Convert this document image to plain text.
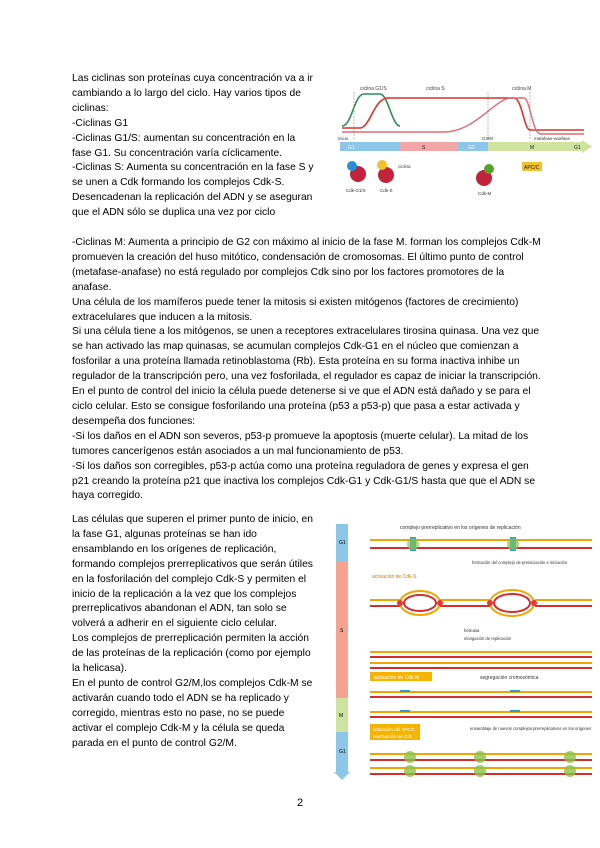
Las ciclinas son proteínas cuya concentración va a ir cambiando a lo largo del ciclo. Hay varios tipos de ciclinas:

-Ciclinas G1

-Ciclinas G1/S: aumentan su concentración en la fase G1. Su concentración varía cíclicamente.

-Ciclinas S: Aumenta su concentración en la fase S y se unen a Cdk formando los complejos Cdk-S. Desencadenan la replicación del ADN y se aseguran que el ADN sólo se duplica una vez por ciclo

-Ciclinas M: Aumenta a principio de G2 con máximo al inicio de la fase M. forman los complejos Cdk-M promueven la creación del huso mitótico, condensación de cromosomas. El último punto de control (metafase-anafase) no está regulado por complejos Cdk sino por los factores promotores de la anafase.

Una célula de los mamíferos puede tener la mitosis si existen mitógenos (factores de crecimiento) extracelulares que inducen a la mitosis.

Si una célula tiene a los mitógenos, se unen a receptores extracelulares tirosina quinasa. Una vez que se han activado las map quinasas, se acumulan complejos Cdk-G1 en el núcleo que comienzan a fosforilar a una proteína llamada retinoblastoma (Rb). Esta proteína en su forma inactiva inhibe un regulador de la transcripción pero, una vez fosforilada, el regulador es capaz de iniciar la transcripción.

En el punto de control del inicio la célula puede detenerse si ve que el ADN está dañado y se para el ciclo celular. Esto se consigue fosforilando una proteína (p53 a p53-p) que pasa a estar activada y desempeña dos funciones:

-Si los daños en el ADN son severos, p53-p promueve la apoptosis (muerte celular). La mitad de los tumores cancerígenos están asociados a un mal funcionamiento de p53.

-Si los daños son corregibles, p53-p actúa como una proteína reguladora de genes y expresa el gen p21 creando la proteína p21 que inactiva los complejos Cdk-G1 y Cdk-G1/S hasta que que el ADN se haya corregido.

Las células que superen el primer punto de inicio, en la fase G1, algunas proteínas se han ido ensamblando en los orígenes de replicación, formando complejos prerreplicativos que serán útiles en la fosforilación del complejo Cdk-S y permiten el inicio de la replicación a la vez que los complejos prerreplicativos abandonan el ADN, tan solo se volverá a adherir en el siguiente ciclo celular.

Los complejos de prerreplicación permiten la acción de las proteínas de la replicación (como por ejemplo la helicasa).

En el punto de control G2/M,los complejos Cdk-M se activarán cuando todo el ADN se ha replicado y corregido, mientras esto no pase, no se puede activar el complejo Cdk-M y la célula se queda parada en el punto de control G2/M.

ciclina G1/S	ciclina S	ciclina M
inicio	G2/M	metafase-anafase
G1	S	G2	M	G1
APC/C
ciclina
Cdk-G1/S	Cdk-S
Cdk-M
G1
S
M
G1
complejo prerreplicativo en los orígenes de replicación
activación de Cdk-S
formación del complejo de preiniciación e iniciación
helicasa
elongación de replicación
activación de Cdk-M	segregación cromosómica
activación del APC/C
inactivación de Cdk
ensamblaje de nuevos complejos prerreplicativos en los orígenes
2
